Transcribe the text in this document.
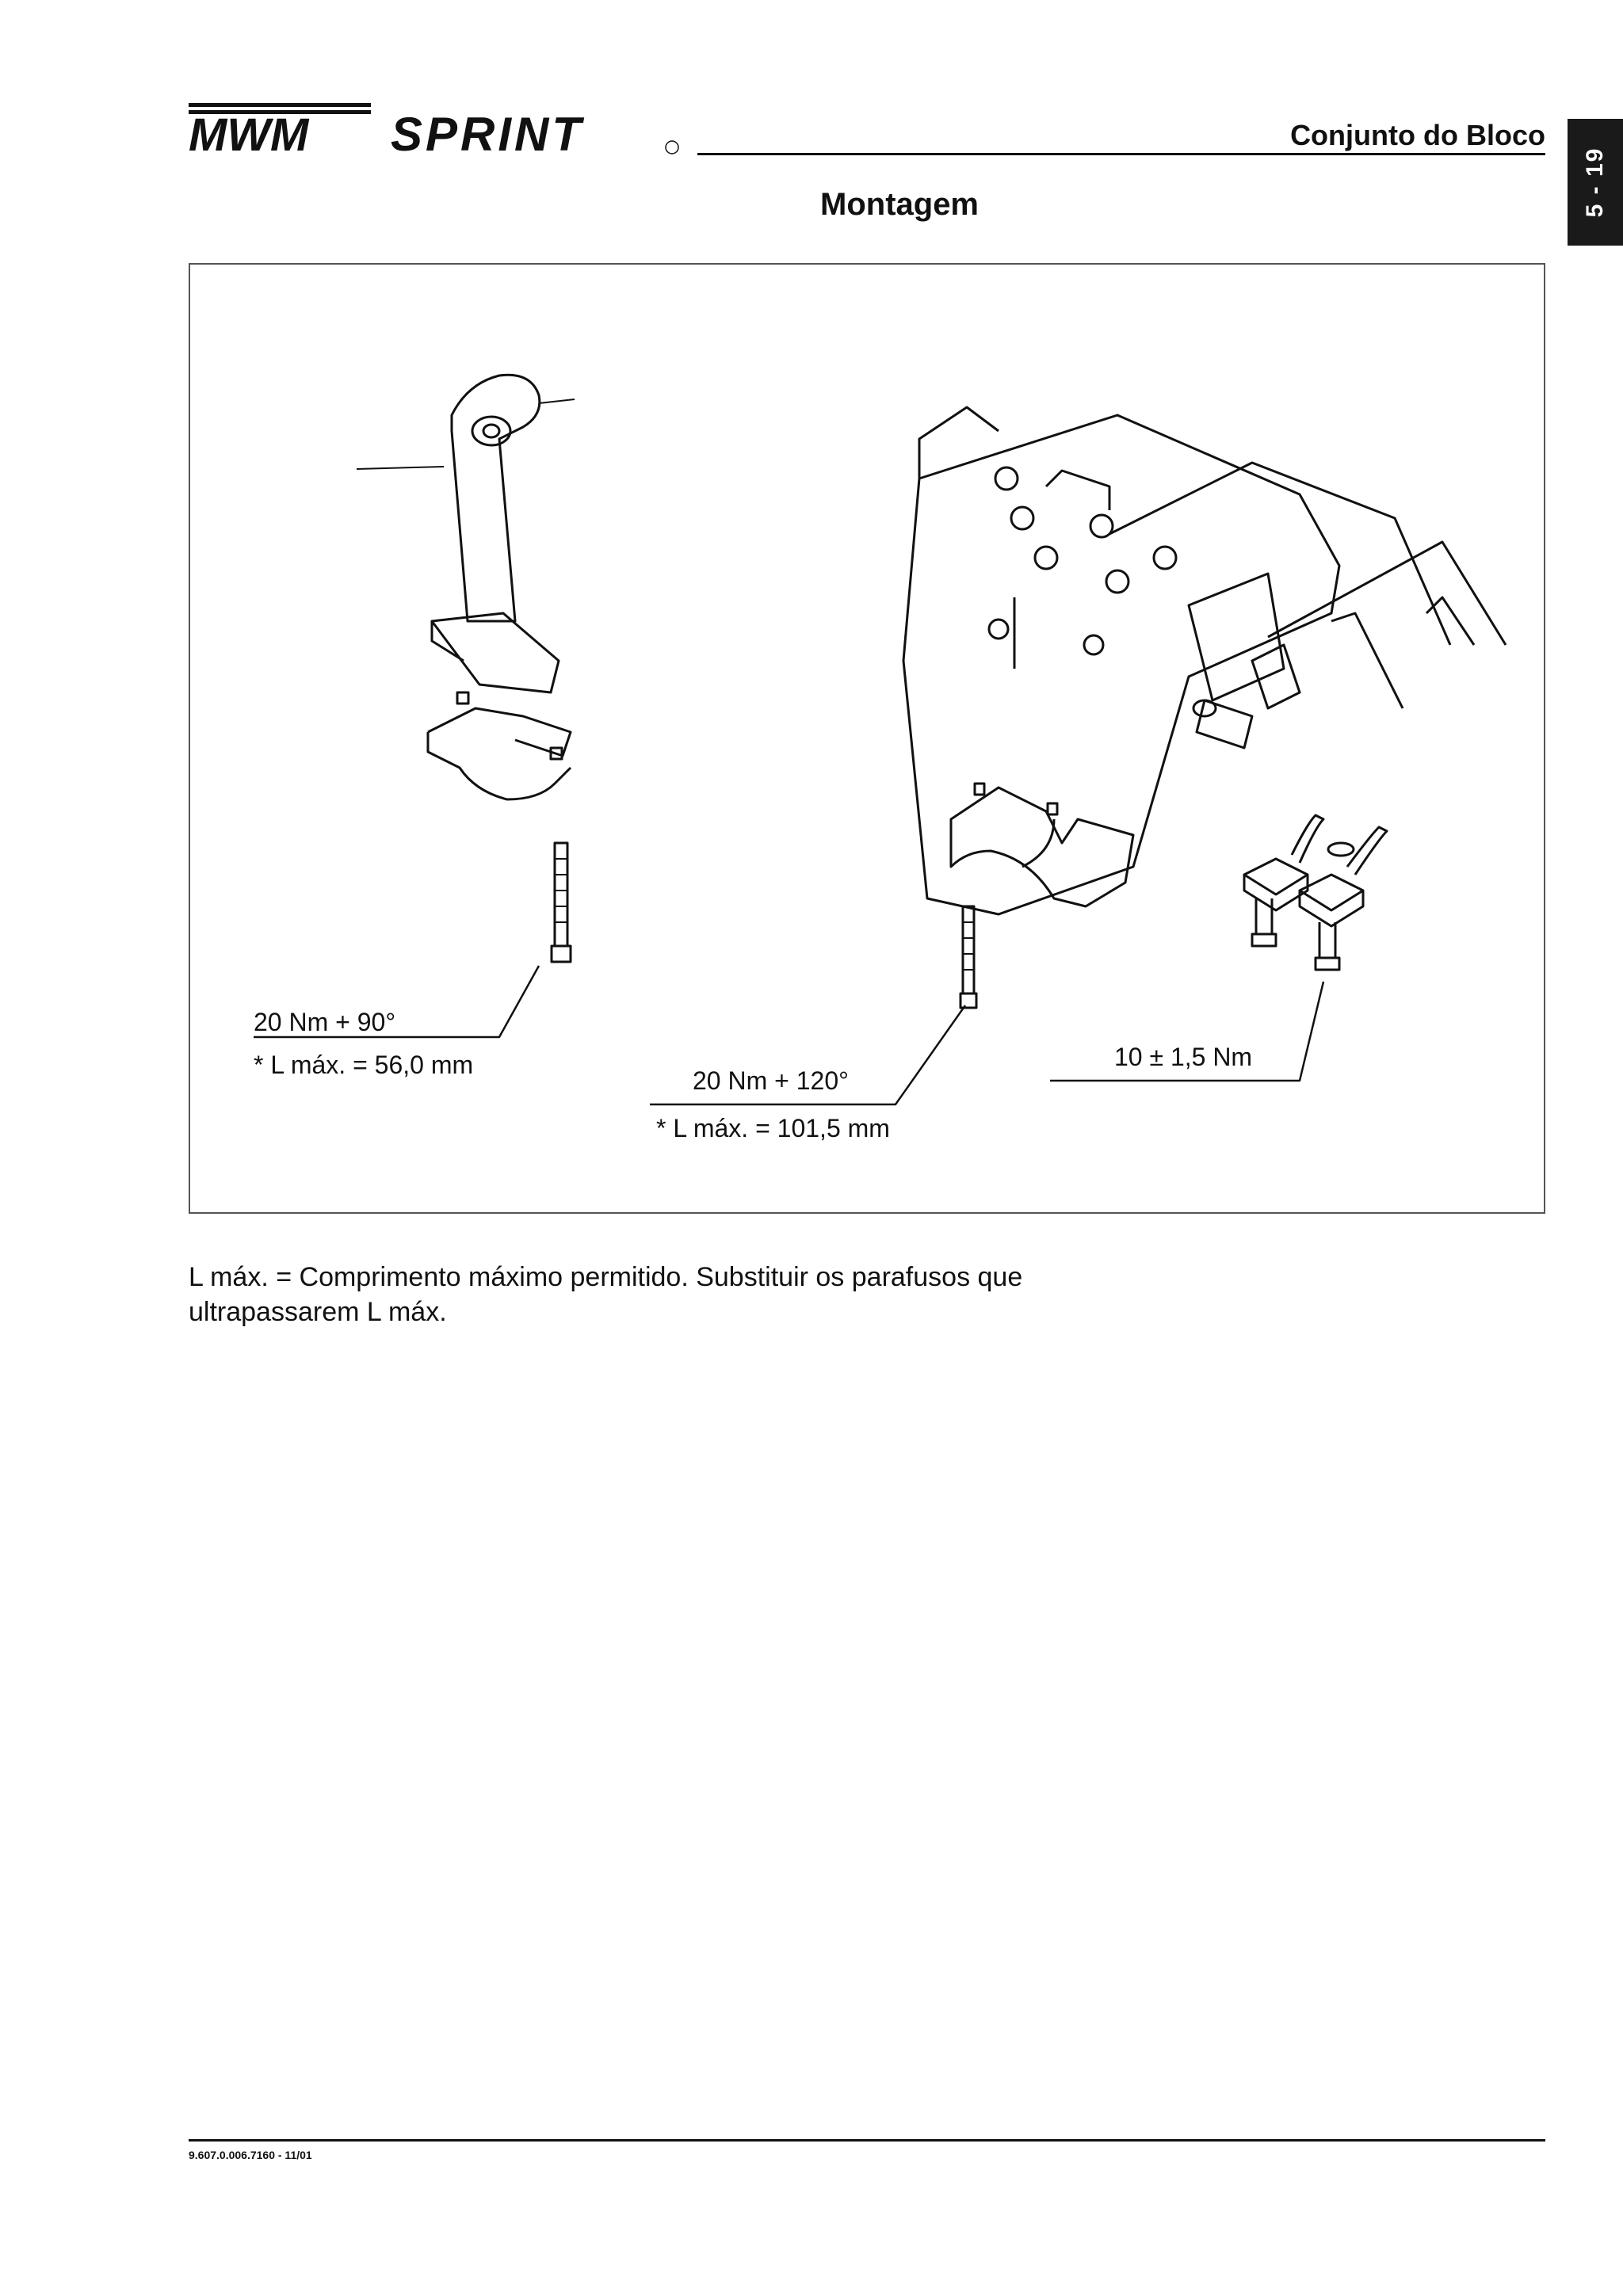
MWM SPRINT	Conjunto do Bloco
5 - 19
Montagem
20 Nm + 90°
* L máx. = 56,0 mm
20 Nm + 120°
* L máx. = 101,5 mm
10 ± 1,5 Nm
L máx. = Comprimento máximo permitido. Substituir os parafusos que ultrapassarem L máx.
9.607.0.006.7160 - 11/01
